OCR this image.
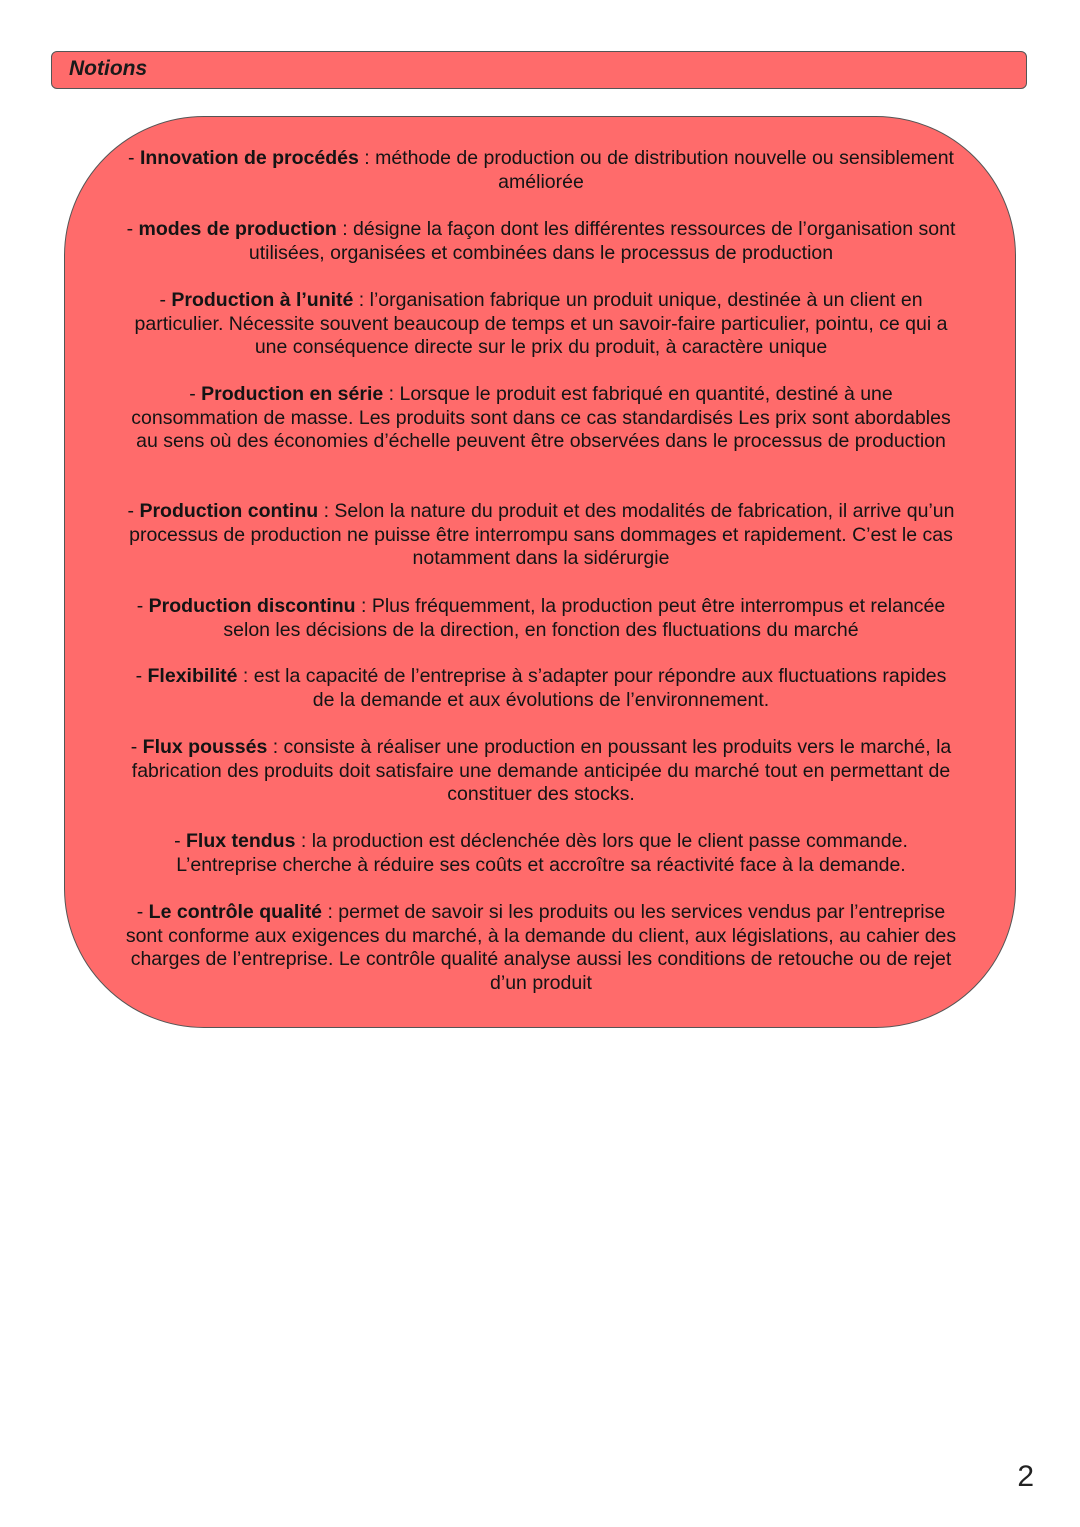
Notions

- Innovation de procédés : méthode de production ou de distribution nouvelle ou sensiblement améliorée

- modes de production : désigne la façon dont les différentes ressources de l’organisation sont utilisées, organisées et combinées dans le processus de production

- Production à l’unité : l’organisation fabrique un produit unique, destinée à un client en particulier. Nécessite souvent beaucoup de temps et un savoir-faire particulier, pointu, ce qui a une conséquence directe sur le prix du produit, à caractère unique

- Production en série : Lorsque le produit est fabriqué en quantité, destiné à une consommation de masse. Les produits sont dans ce cas standardisés Les prix sont abordables au sens où des économies d’échelle peuvent être observées dans le processus de production

- Production continu : Selon la nature du produit et des modalités de fabrication, il arrive qu’un processus de production ne puisse être interrompu sans dommages et rapidement. C’est le cas notamment dans la sidérurgie

- Production discontinu : Plus fréquemment, la production peut être interrompus et relancée selon les décisions de la direction, en fonction des fluctuations du marché

- Flexibilité : est la capacité de l’entreprise à s’adapter pour répondre aux fluctuations rapides de la demande et aux évolutions de l’environnement.

- Flux poussés : consiste à réaliser une production en poussant les produits vers le marché, la fabrication des produits doit satisfaire une demande anticipée du marché tout en permettant de constituer des stocks.

- Flux tendus : la production est déclenchée dès lors que le client passe commande. L’entreprise cherche à réduire ses coûts et accroître sa réactivité face à la demande.

- Le contrôle qualité : permet de savoir si les produits ou les services vendus par l’entreprise sont conforme aux exigences du marché, à la demande du client, aux législations, au cahier des charges de l’entreprise. Le contrôle qualité analyse aussi les conditions de retouche ou de rejet d’un produit

2
